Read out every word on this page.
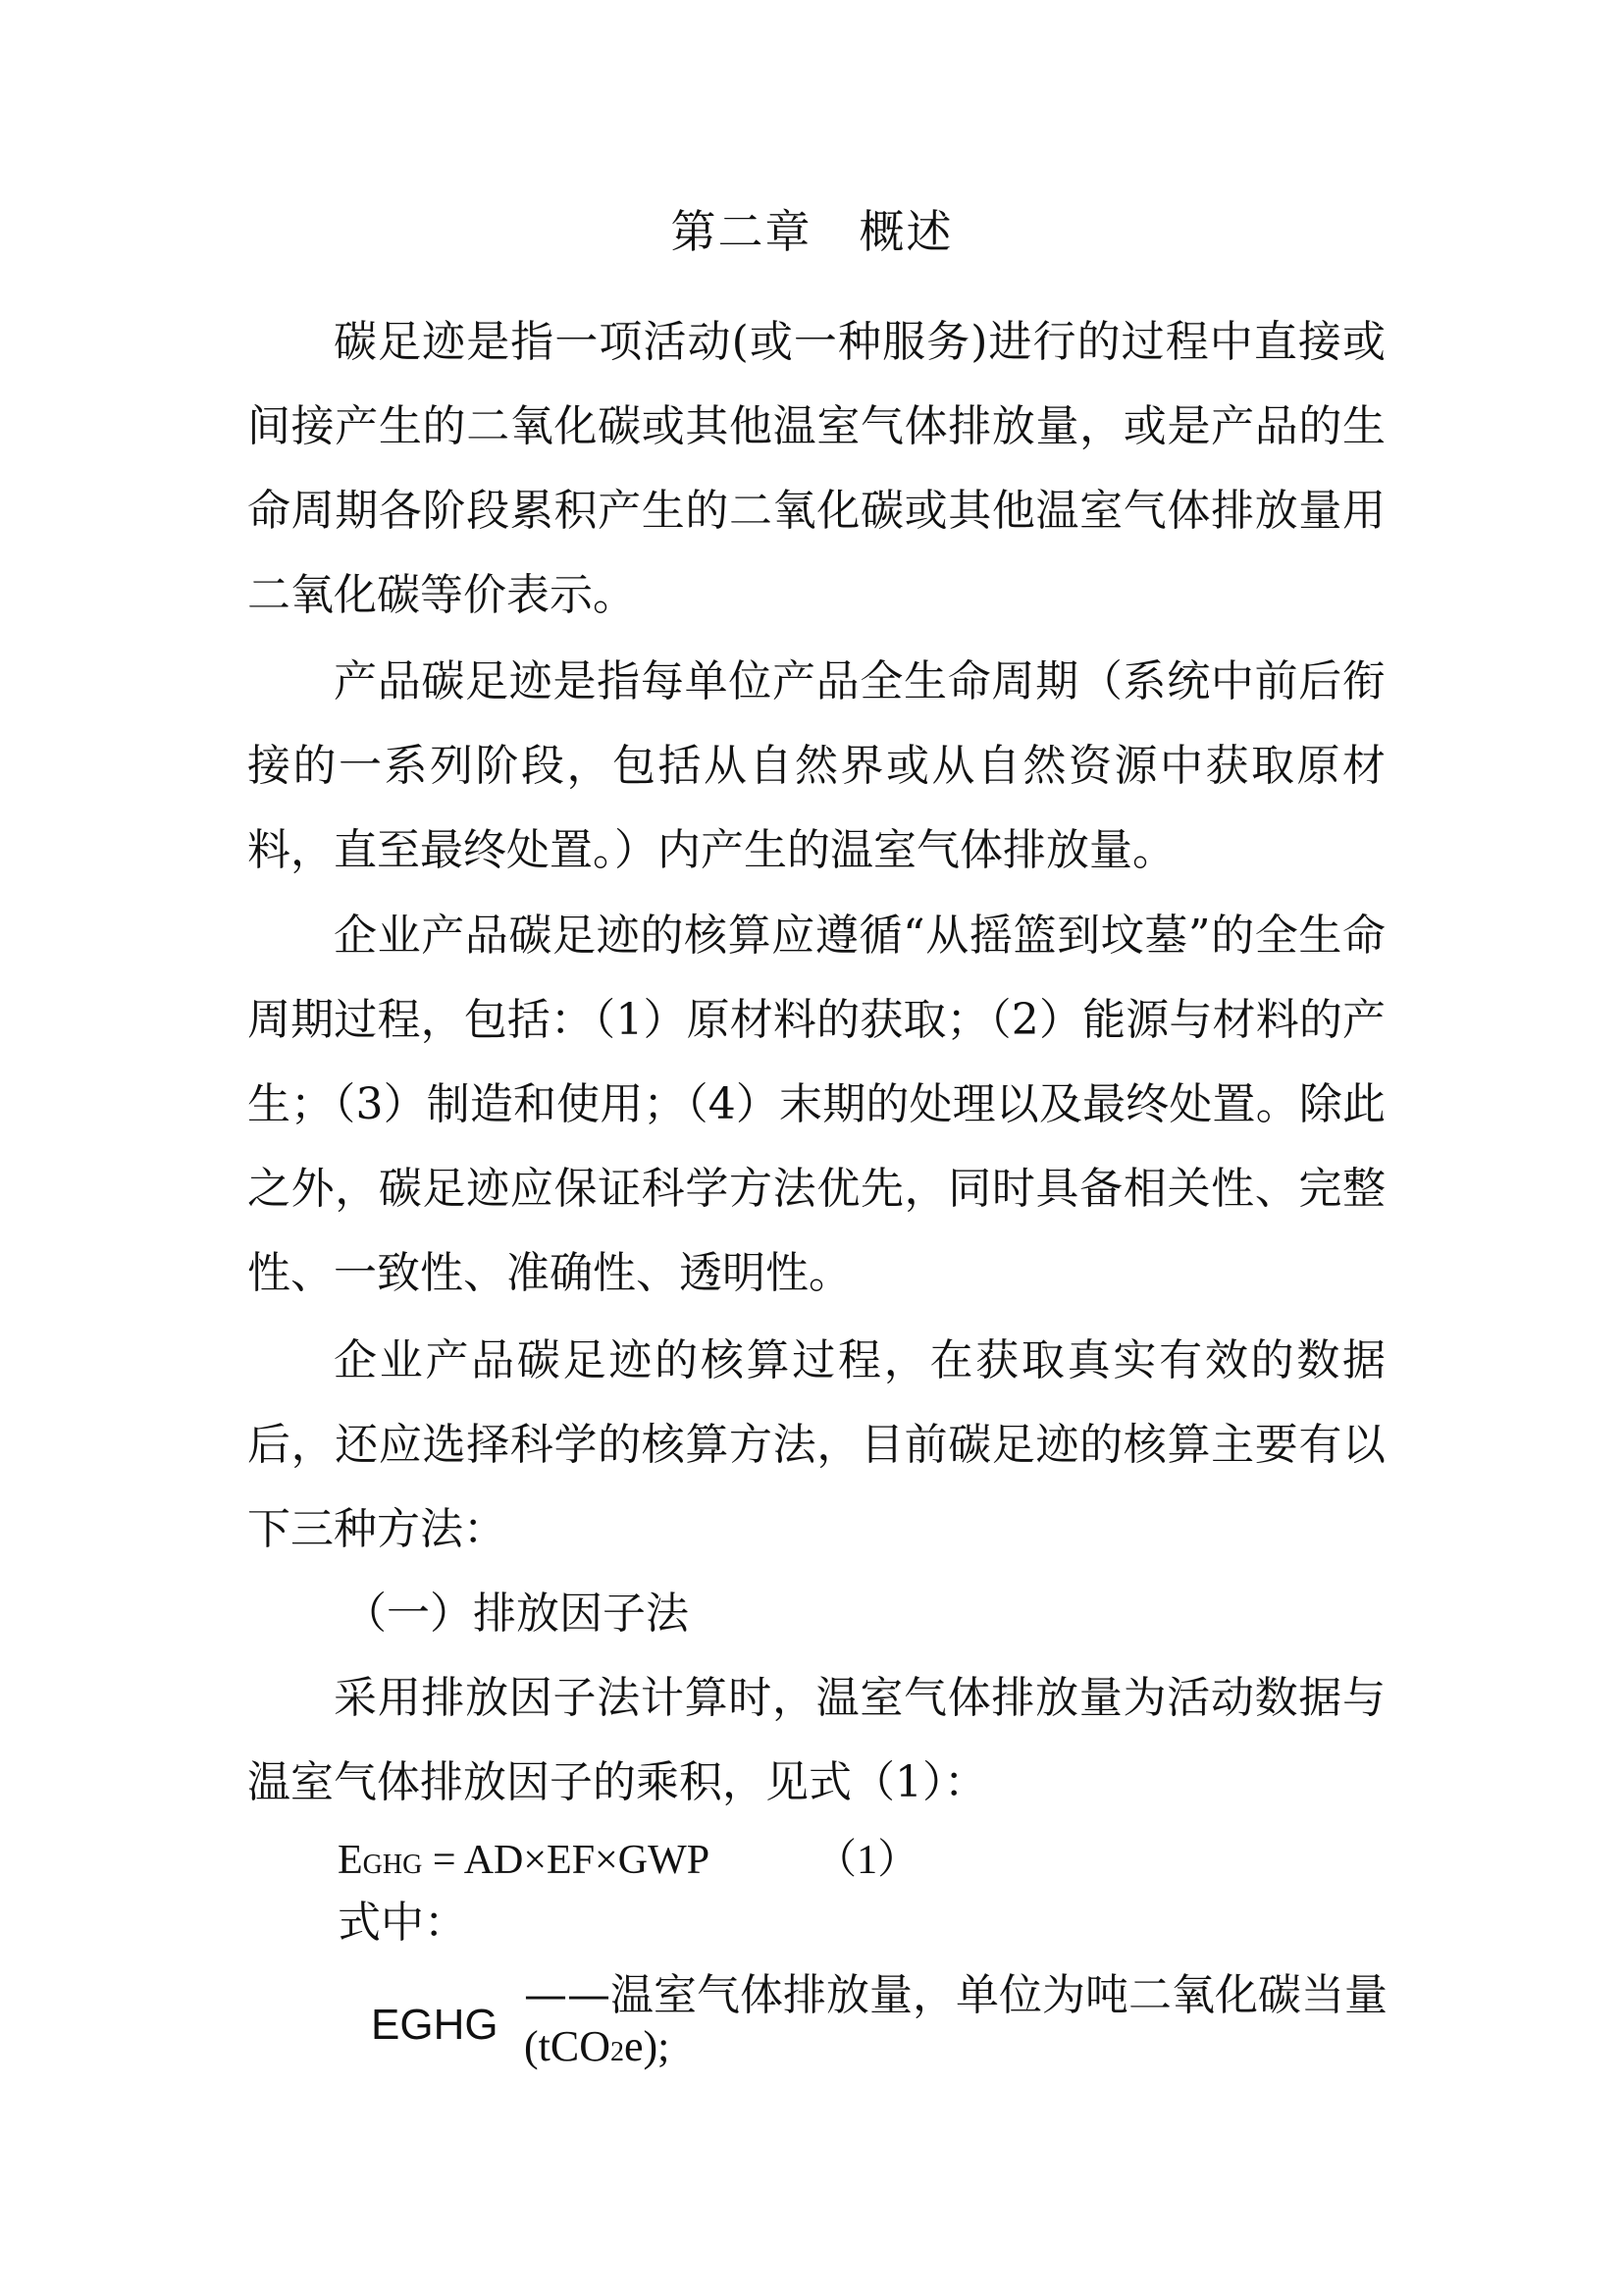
第二章　概述

碳足迹是指一项活动(或一种服务)进行的过程中直接或间接产生的二氧化碳或其他温室气体排放量，或是产品的生命周期各阶段累积产生的二氧化碳或其他温室气体排放量用二氧化碳等价表示。

产品碳足迹是指每单位产品全生命周期（系统中前后衔接的一系列阶段，包括从自然界或从自然资源中获取原材料，直至最终处置。）内产生的温室气体排放量。

企业产品碳足迹的核算应遵循“从摇篮到坟墓”的全生命周期过程，包括：（1）原材料的获取；（2）能源与材料的产生；（3）制造和使用；（4）末期的处理以及最终处置。除此之外，碳足迹应保证科学方法优先，同时具备相关性、完整性、一致性、准确性、透明性。

企业产品碳足迹的核算过程，在获取真实有效的数据后，还应选择科学的核算方法，目前碳足迹的核算主要有以下三种方法：

（一）排放因子法

采用排放因子法计算时，温室气体排放量为活动数据与温室气体排放因子的乘积，见式（1）：

EGHG = AD×EF×GWP	（1）
式中：
EGHG
——温室气体排放量，单位为吨二氧化碳当量
(tCO2e);
